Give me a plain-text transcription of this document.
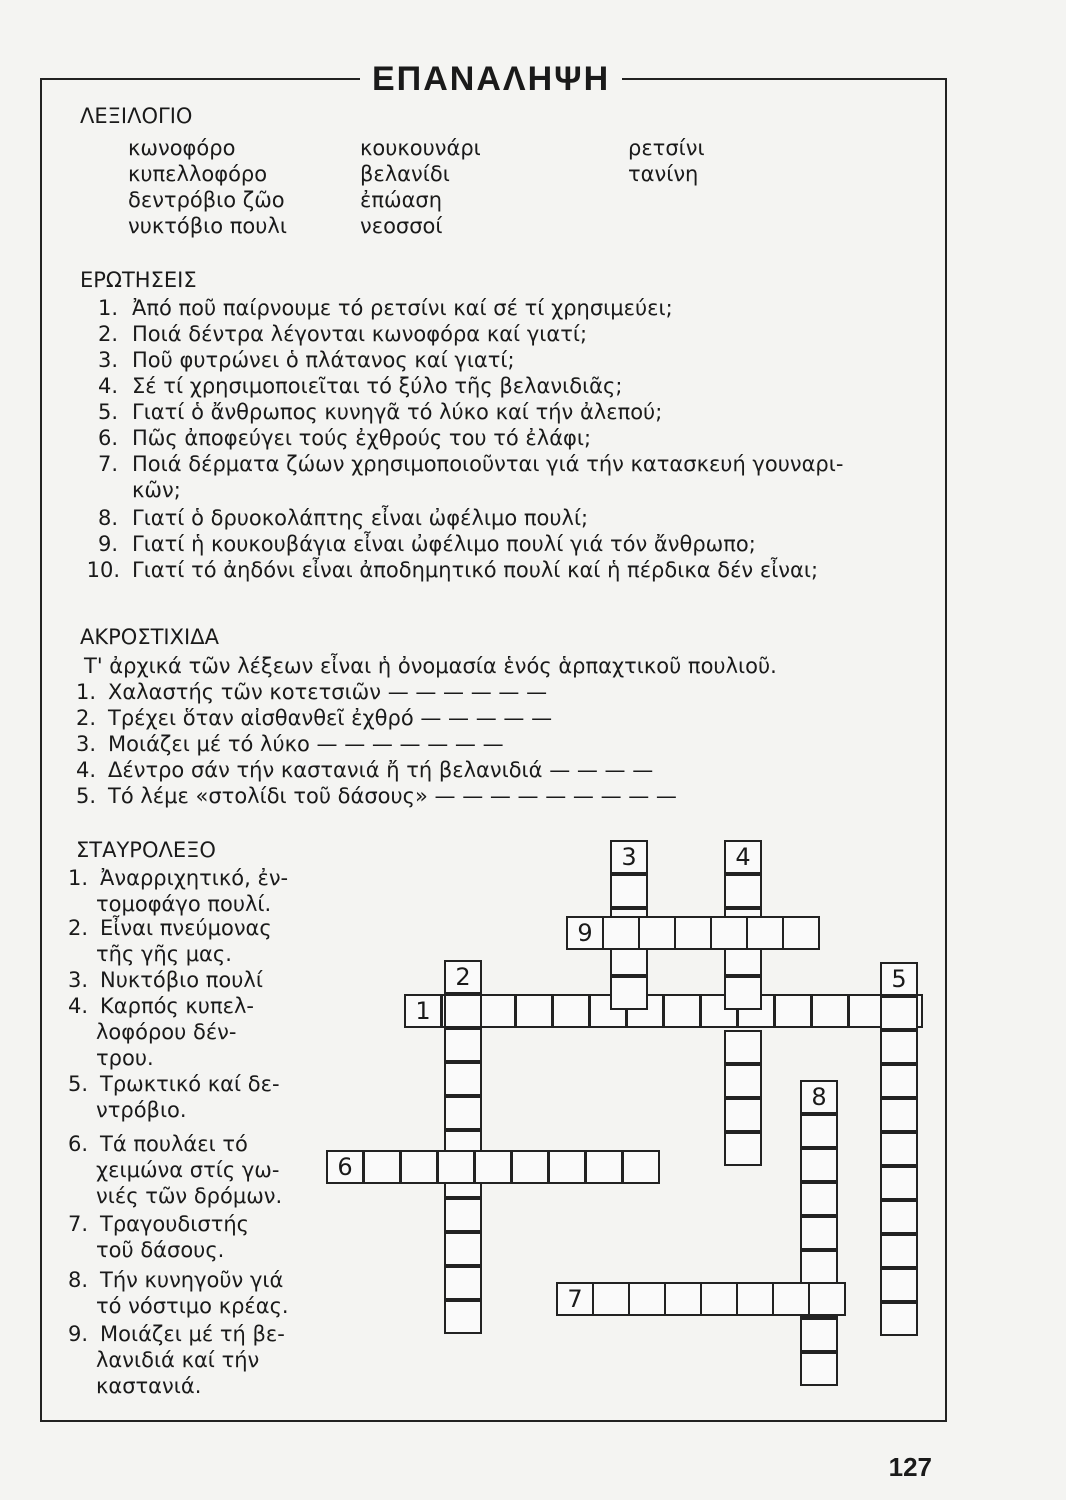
ΕΠΑΝΑΛΗΨΗ
ΛΕΞΙΛΟΓΙΟ
κωνοφόρο
κυπελλοφόρο
δεντρόβιο ζῶο
νυκτόβιο πουλι
κουκουνάρι
βελανίδι
ἐπώαση
νεοσσοί
ρετσίνι
τανίνη
ΕΡΩΤΗΣΕΙΣ
1. Ἀπό ποῦ παίρνουμε τό ρετσίνι καί σέ τί χρησιμεύει;
2. Ποιά δέντρα λέγονται κωνοφόρα καί γιατί;
3. Ποῦ φυτρώνει ὁ πλάτανος καί γιατί;
4. Σέ τί χρησιμοποιεῖται τό ξύλο τῆς βελανιδιᾶς;
5. Γιατί ὁ ἄνθρωπος κυνηγᾶ τό λύκο καί τήν ἀλεπού;
6. Πῶς ἀποφεύγει τούς ἐχθρούς του τό ἐλάφι;
7. Ποιά δέρματα ζώων χρησιμοποιοῦνται γιά τήν κατασκευή γουναρι-
κῶν;
8. Γιατί ὁ δρυοκολάπτης εἶναι ὠφέλιμο πουλί;
9. Γιατί ἡ κουκουβάγια εἶναι ὠφέλιμο πουλί γιά τόν ἄνθρωπο;
10. Γιατί τό ἀηδόνι εἶναι ἀποδημητικό πουλί καί ἡ πέρδικα δέν εἶναι;
ΑΚΡΟΣΤΙΧΙΔΑ
Τ' ἀρχικά τῶν λέξεων εἶναι ἡ ὀνομασία ἑνός ἁρπαχτικοῦ πουλιοῦ.
1. Χαλαστής τῶν κοτετσιῶν — — — — — —
2. Τρέχει ὅταν αἰσθανθεῖ ἐχθρό — — — — —
3. Μοιάζει μέ τό λύκο — — — — — — —
4. Δέντρο σάν τήν καστανιά ἤ τή βελανιδιά — — — —
5. Τό λέμε «στολίδι τοῦ δάσους» — — — — — — — — —
ΣΤΑΥΡΟΛΕΞΟ
1. Ἀναρριχητικό, ἐν-
τομοφάγο πουλί.
2. Εἶναι πνεύμονας
τῆς γῆς μας.
3. Νυκτόβιο πουλί
4. Καρπός κυπελ-
λοφόρου δέν-
τρου.
5. Τρωκτικό καί δε-
ντρόβιο.
6. Τά πουλάει τό
χειμώνα στίς γω-
νιές τῶν δρόμων.
7. Τραγουδιστής
τοῦ δάσους.
8. Τήν κυνηγοῦν γιά
τό νόστιμο κρέας.
9. Μοιάζει μέ τή βε-
λανιδιά καί τήν
καστανιά.
1
3	4
9
2	5
8
6
7
127
